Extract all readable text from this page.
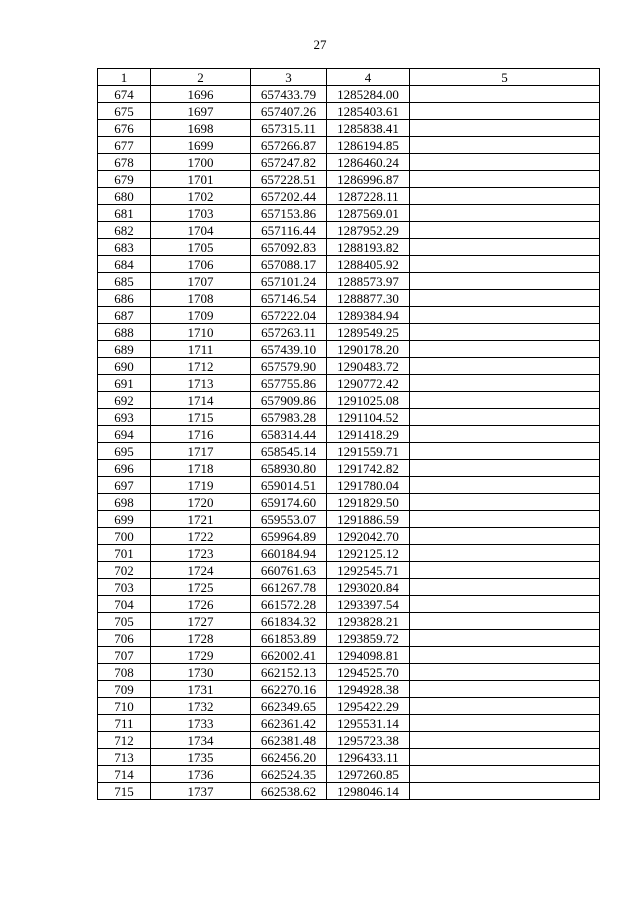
27
1	2	3	4	5
674	1696	657433.79	1285284.00	
675	1697	657407.26	1285403.61	
676	1698	657315.11	1285838.41	
677	1699	657266.87	1286194.85	
678	1700	657247.82	1286460.24	
679	1701	657228.51	1286996.87	
680	1702	657202.44	1287228.11	
681	1703	657153.86	1287569.01	
682	1704	657116.44	1287952.29	
683	1705	657092.83	1288193.82	
684	1706	657088.17	1288405.92	
685	1707	657101.24	1288573.97	
686	1708	657146.54	1288877.30	
687	1709	657222.04	1289384.94	
688	1710	657263.11	1289549.25	
689	1711	657439.10	1290178.20	
690	1712	657579.90	1290483.72	
691	1713	657755.86	1290772.42	
692	1714	657909.86	1291025.08	
693	1715	657983.28	1291104.52	
694	1716	658314.44	1291418.29	
695	1717	658545.14	1291559.71	
696	1718	658930.80	1291742.82	
697	1719	659014.51	1291780.04	
698	1720	659174.60	1291829.50	
699	1721	659553.07	1291886.59	
700	1722	659964.89	1292042.70	
701	1723	660184.94	1292125.12	
702	1724	660761.63	1292545.71	
703	1725	661267.78	1293020.84	
704	1726	661572.28	1293397.54	
705	1727	661834.32	1293828.21	
706	1728	661853.89	1293859.72	
707	1729	662002.41	1294098.81	
708	1730	662152.13	1294525.70	
709	1731	662270.16	1294928.38	
710	1732	662349.65	1295422.29	
711	1733	662361.42	1295531.14	
712	1734	662381.48	1295723.38	
713	1735	662456.20	1296433.11	
714	1736	662524.35	1297260.85	
715	1737	662538.62	1298046.14	
